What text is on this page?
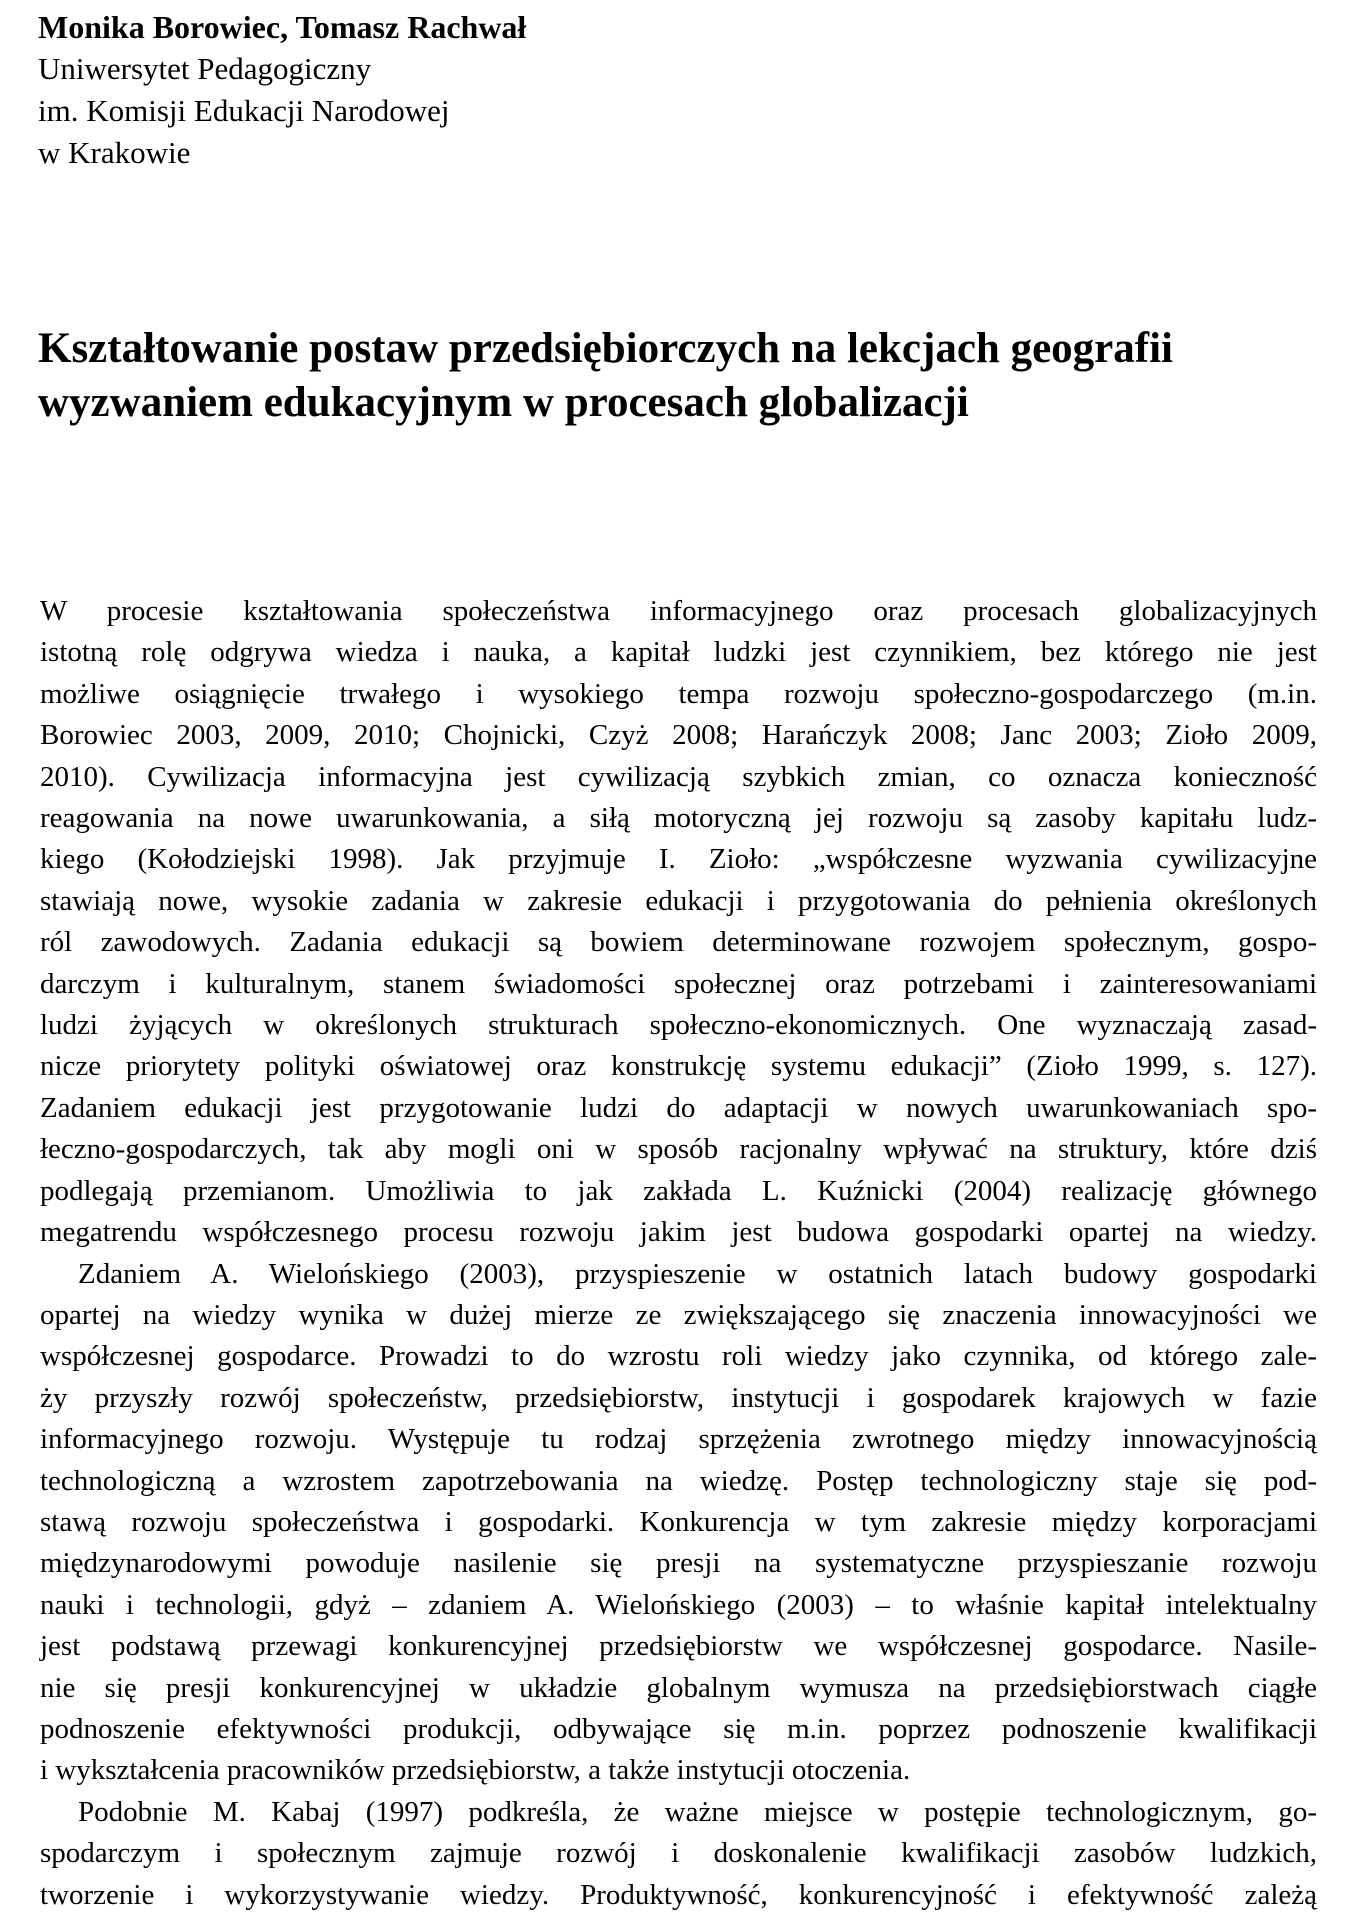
Monika Borowiec, Tomasz Rachwał
Uniwersytet Pedagogiczny
im. Komisji Edukacji Narodowej
w Krakowie
Kształtowanie postaw przedsiębiorczych na lekcjach geografii
wyzwaniem edukacyjnym w procesach globalizacji
W procesie kształtowania społeczeństwa informacyjnego oraz procesach globalizacyjnych
istotną rolę odgrywa wiedza i nauka, a kapitał ludzki jest czynnikiem, bez którego nie jest
możliwe osiągnięcie trwałego i wysokiego tempa rozwoju społeczno-gospodarczego (m.in.
Borowiec 2003, 2009, 2010; Chojnicki, Czyż 2008; Harańczyk 2008; Janc 2003; Zioło 2009,
2010). Cywilizacja informacyjna jest cywilizacją szybkich zmian, co oznacza konieczność
reagowania na nowe uwarunkowania, a siłą motoryczną jej rozwoju są zasoby kapitału ludz-
kiego (Kołodziejski 1998). Jak przyjmuje I. Zioło: „współczesne wyzwania cywilizacyjne
stawiają nowe, wysokie zadania w zakresie edukacji i przygotowania do pełnienia określonych
ról zawodowych. Zadania edukacji są bowiem determinowane rozwojem społecznym, gospo-
darczym i kulturalnym, stanem świadomości społecznej oraz potrzebami i zainteresowaniami
ludzi żyjących w określonych strukturach społeczno-ekonomicznych. One wyznaczają zasad-
nicze priorytety polityki oświatowej oraz konstrukcję systemu edukacji” (Zioło 1999, s. 127).
Zadaniem edukacji jest przygotowanie ludzi do adaptacji w nowych uwarunkowaniach spo-
łeczno-gospodarczych, tak aby mogli oni w sposób racjonalny wpływać na struktury, które dziś
podlegają przemianom. Umożliwia to jak zakłada L. Kuźnicki (2004) realizację głównego
megatrendu współczesnego procesu rozwoju jakim jest budowa gospodarki opartej na wiedzy.
Zdaniem A. Wielońskiego (2003), przyspieszenie w ostatnich latach budowy gospodarki
opartej na wiedzy wynika w dużej mierze ze zwiększającego się znaczenia innowacyjności we
współczesnej gospodarce. Prowadzi to do wzrostu roli wiedzy jako czynnika, od którego zale-
ży przyszły rozwój społeczeństw, przedsiębiorstw, instytucji i gospodarek krajowych w fazie
informacyjnego rozwoju. Występuje tu rodzaj sprzężenia zwrotnego między innowacyjnością
technologiczną a wzrostem zapotrzebowania na wiedzę. Postęp technologiczny staje się pod-
stawą rozwoju społeczeństwa i gospodarki. Konkurencja w tym zakresie między korporacjami
międzynarodowymi powoduje nasilenie się presji na systematyczne przyspieszanie rozwoju
nauki i technologii, gdyż – zdaniem A. Wielońskiego (2003) – to właśnie kapitał intelektualny
jest podstawą przewagi konkurencyjnej przedsiębiorstw we współczesnej gospodarce. Nasile-
nie się presji konkurencyjnej w układzie globalnym wymusza na przedsiębiorstwach ciągłe
podnoszenie efektywności produkcji, odbywające się m.in. poprzez podnoszenie kwalifikacji
i wykształcenia pracowników przedsiębiorstw, a także instytucji otoczenia.
Podobnie M. Kabaj (1997) podkreśla, że ważne miejsce w postępie technologicznym, go-
spodarczym i społecznym zajmuje rozwój i doskonalenie kwalifikacji zasobów ludzkich,
tworzenie i wykorzystywanie wiedzy. Produktywność, konkurencyjność i efektywność zależą
